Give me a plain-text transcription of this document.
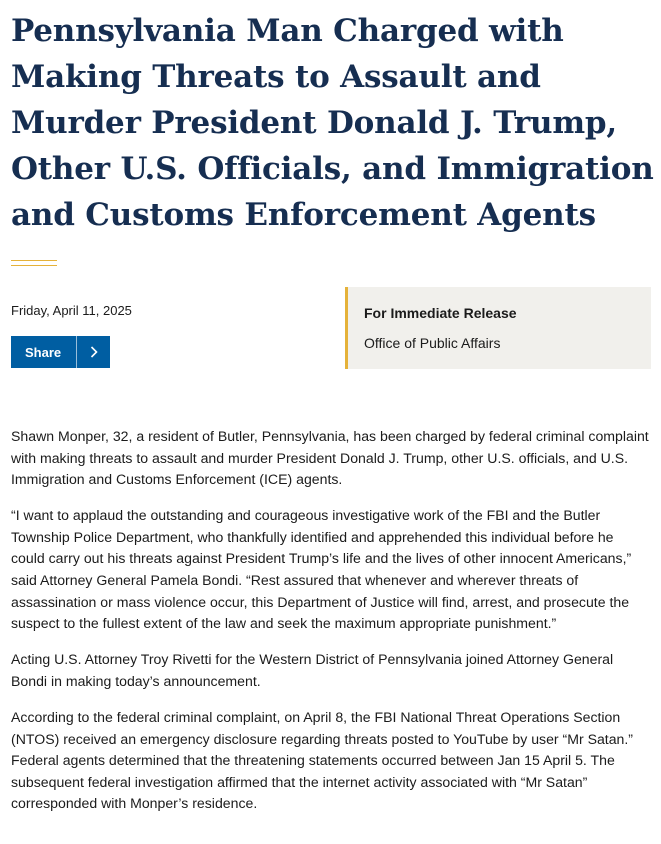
Pennsylvania Man Charged with Making Threats to Assault and Murder President Donald J. Trump, Other U.S. Officials, and Immigration and Customs Enforcement Agents
Friday, April 11, 2025
Share
For Immediate Release
Office of Public Affairs

Shawn Monper, 32, a resident of Butler, Pennsylvania, has been charged by federal criminal complaint with making threats to assault and murder President Donald J. Trump, other U.S. officials, and U.S. Immigration and Customs Enforcement (ICE) agents.

“I want to applaud the outstanding and courageous investigative work of the FBI and the Butler Township Police Department, who thankfully identified and apprehended this individual before he could carry out his threats against President Trump’s life and the lives of other innocent Americans,” said Attorney General Pamela Bondi. “Rest assured that whenever and wherever threats of assassination or mass violence occur, this Department of Justice will find, arrest, and prosecute the suspect to the fullest extent of the law and seek the maximum appropriate punishment.”

Acting U.S. Attorney Troy Rivetti for the Western District of Pennsylvania joined Attorney General Bondi in making today’s announcement.

According to the federal criminal complaint, on April 8, the FBI National Threat Operations Section (NTOS) received an emergency disclosure regarding threats posted to YouTube by user “Mr Satan.” Federal agents determined that the threatening statements occurred between Jan 15 April 5. The subsequent federal investigation affirmed that the internet activity associated with “Mr Satan” corresponded with Monper’s residence.
